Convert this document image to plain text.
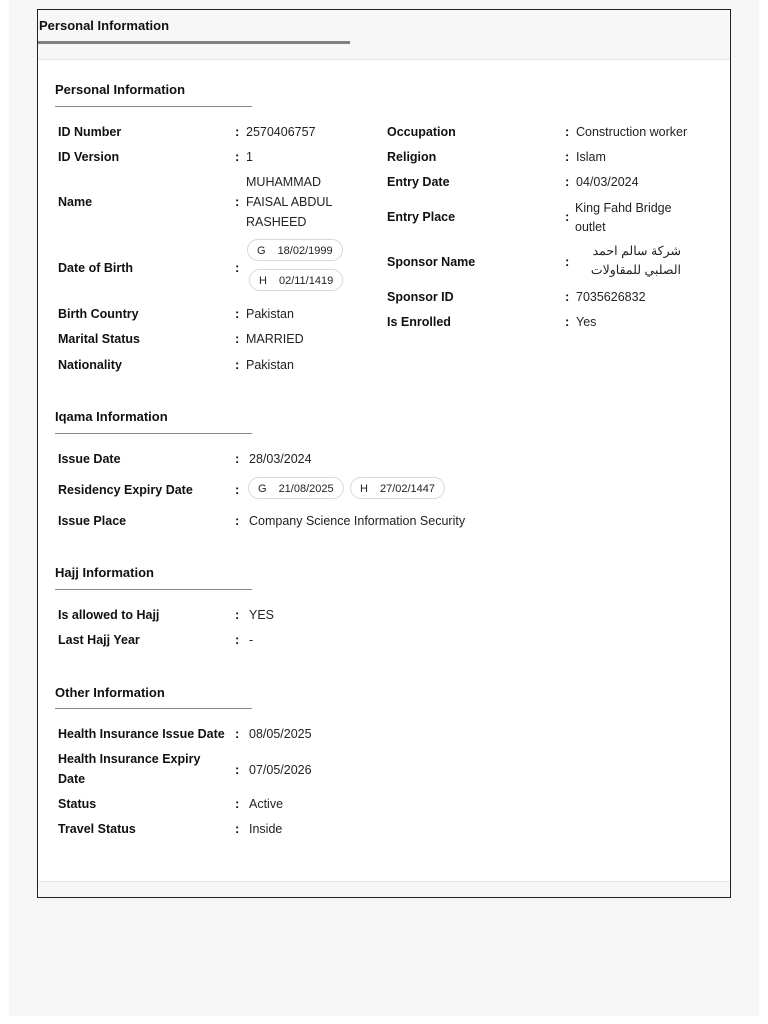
Personal Information
Personal Information
ID Number	: 2570406757
ID Version	: 1
Name	:
MUHAMMAD
FAISAL ABDUL
RASHEED
Date of Birth	:
G 18/02/1999
H 02/11/1419
Birth Country	: Pakistan
Marital Status	: MARRIED
Nationality	: Pakistan
Occupation	: Construction worker
Religion	: Islam
Entry Date	: 04/03/2024
Entry Place	:
King Fahd Bridge
outlet
Sponsor Name	:
شركة سالم احمد
الصلبي للمقاولات
Sponsor ID	: 7035626832
Is Enrolled	: Yes
Iqama Information
Issue Date	: 28/03/2024
Residency Expiry Date	:	G 21/08/2025	H 27/02/1447
Issue Place	: Company Science Information Security
Hajj Information
Is allowed to Hajj	: YES
Last Hajj Year	: -
Other Information
Health Insurance Issue Date : 08/05/2025
Health Insurance Expiry
Date
: 07/05/2026
Status	: Active
Travel Status	: Inside
